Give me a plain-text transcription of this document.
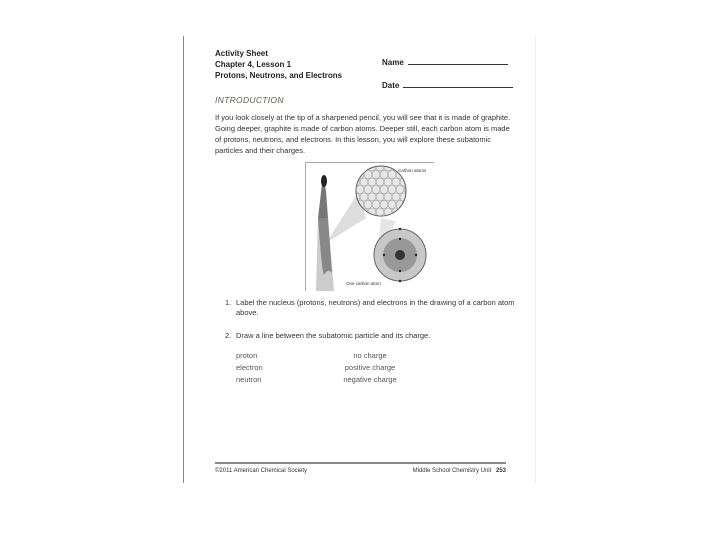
Activity Sheet
Chapter 4, Lesson 1
Protons, Neutrons, and Electrons
Name
Date
INTRODUCTION
If you look closely at the tip of a sharpened pencil, you will see that it is made of graphite. Going deeper, graphite is made of carbon atoms. Deeper still, each carbon atom is made of protons, neutrons, and electrons. In this lesson, you will explore these subatomic particles and their charges.
Carbon atoms
One carbon atom
1. Label the nucleus (protons, neutrons) and electrons in the drawing of a carbon atom above.
2. Draw a line between the subatomic particle and its charge.
proton
electron
neutron
no charge
positive charge
negative charge
©2011 American Chemical Society	Middle School Chemistry Unit 253
